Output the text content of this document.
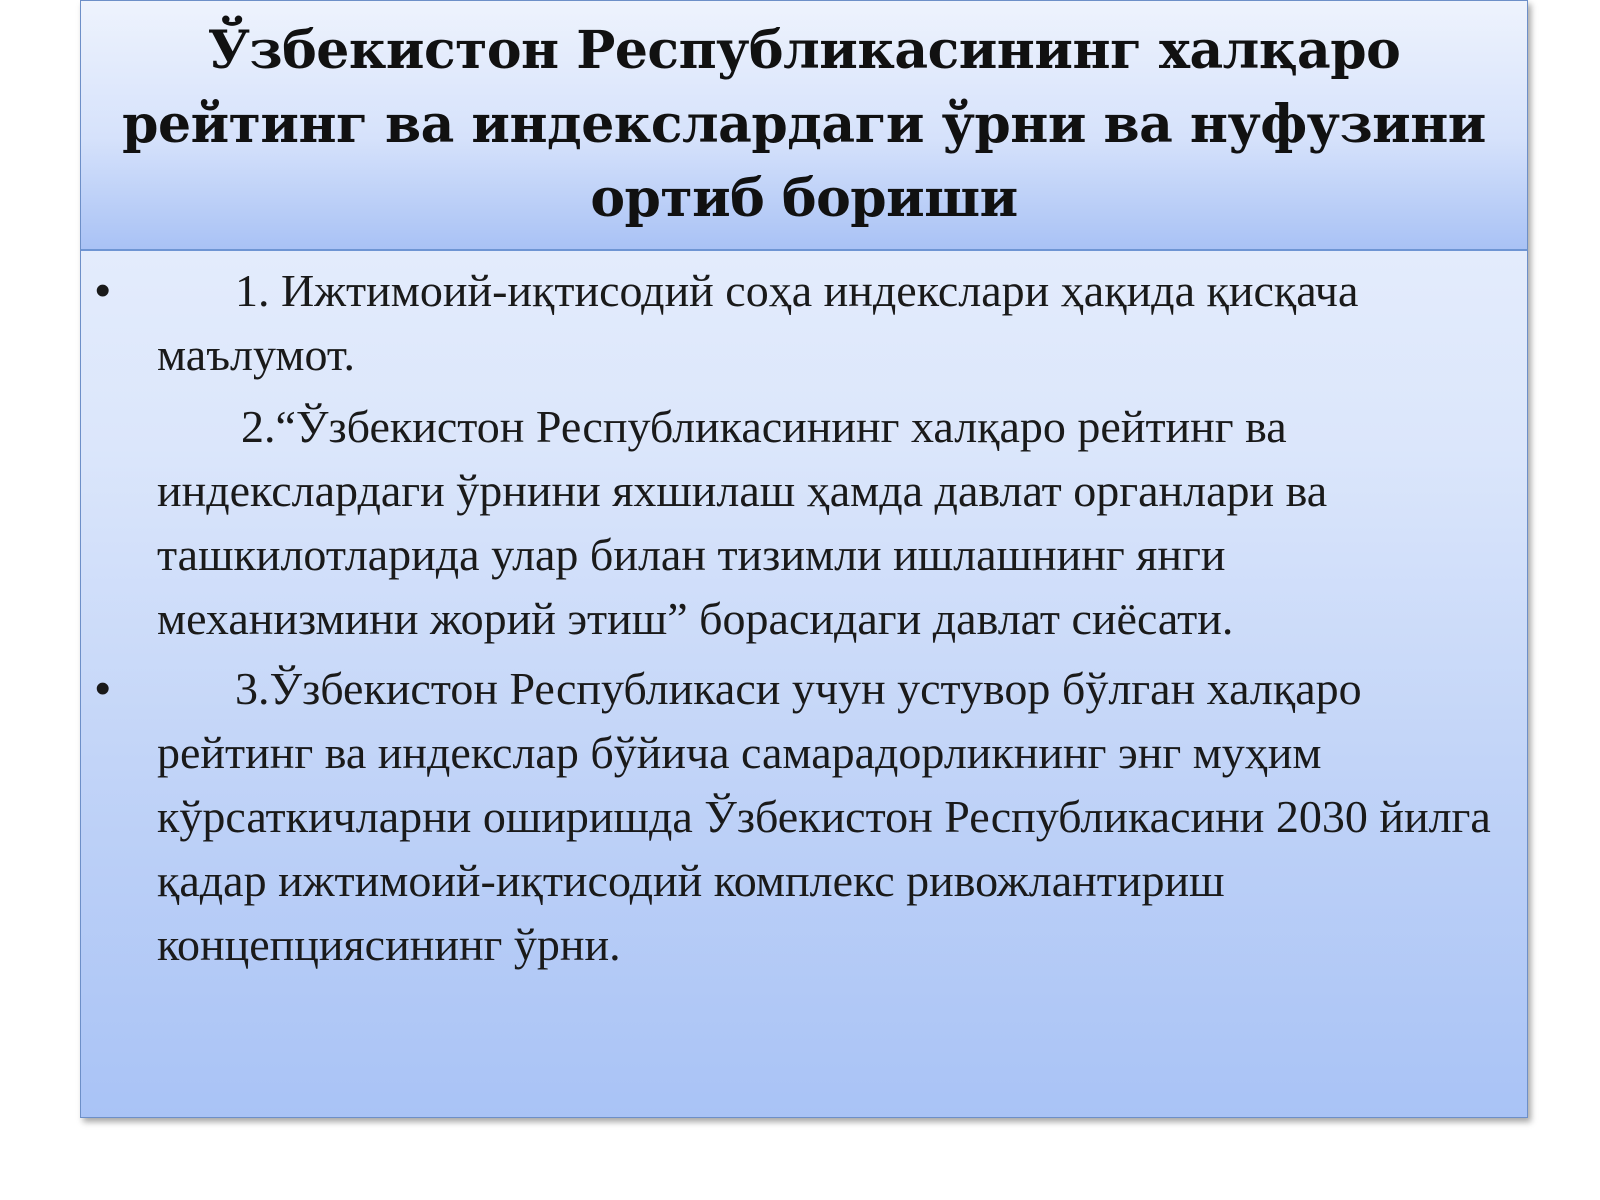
Ўзбекистон Республикасининг халқаро рейтинг ва индекслардаги ўрни ва нуфузини ортиб бориши
•	1. Ижтимоий-иқтисодий соҳа индекслари ҳақида қисқача маълумот.

2.“Ўзбекистон Республикасининг халқаро рейтинг ва индекслардаги ўрнини яхшилаш ҳамда давлат органлари ва ташкилотларида улар билан тизимли ишлашнинг янги механизмини жорий этиш” борасидаги давлат сиёсати.

•	3.Ўзбекистон Республикаси учун устувор бўлган халқаро рейтинг ва индекслар бўйича самарадорликнинг энг муҳим кўрсаткичларни оширишда Ўзбекистон Республикасини 2030 йилга қадар ижтимоий-иқтисодий комплекс ривожлантириш концепциясининг ўрни.
